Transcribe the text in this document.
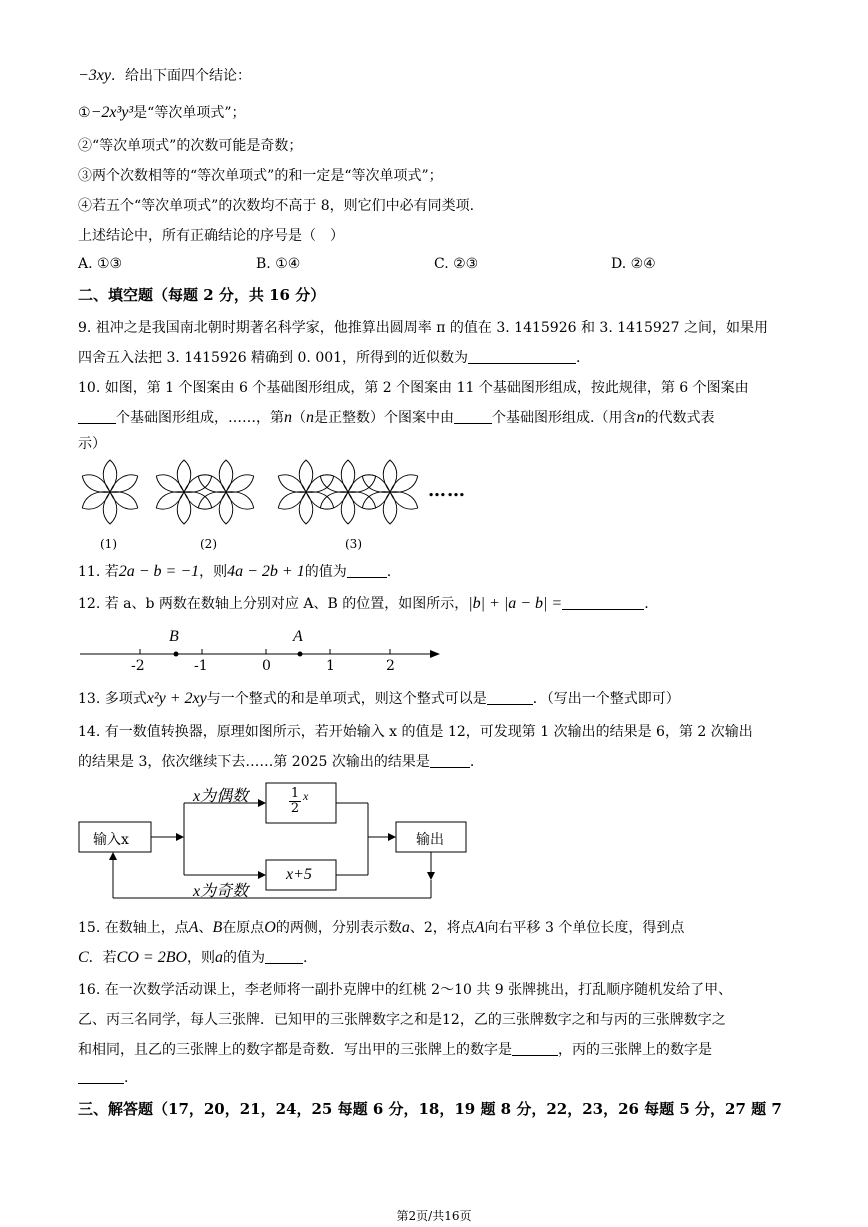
−3xy．给出下面四个结论：
①−2x³y³是“等次单项式”；
②“等次单项式”的次数可能是奇数；
③两个次数相等的“等次单项式”的和一定是“等次单项式”；
④若五个“等次单项式”的次数均不高于 8，则它们中必有同类项.
上述结论中，所有正确结论的序号是（　）
A. ①③	B. ①④	C. ②③	D. ②④
二、填空题（每题 2 分，共 16 分）
9. 祖冲之是我国南北朝时期著名科学家，他推算出圆周率 π 的值在 3. 1415926 和 3. 1415927 之间，如果用
四舍五入法把 3. 1415926 精确到 0. 001，所得到的近似数为	.
10. 如图，第 1 个图案由 6 个基础图形组成，第 2 个图案由 11 个基础图形组成，按此规律，第 6 个图案由
个基础图形组成，……，第n（n是正整数）个图案中由	个基础图形组成.（用含n的代数式表
示）
……
(1)	(2)	(3)
11. 若2a − b = −1，则4a − 2b + 1的值为	.
12. 若 a、b 两数在数轴上分别对应 A、B 的位置，如图所示，|b| + |a − b| =	.
B	A
-2	-1	0	1	2
13. 多项式x²y + 2xy与一个整式的和是单项式，则这个整式可以是	．（写出一个整式即可）
14. 有一数值转换器，原理如图所示，若开始输入 x 的值是 12，可发现第 1 次输出的结果是 6，第 2 次输出
的结果是 3，依次继续下去……第 2025 次输出的结果是	.
输入x
x为偶数
x为奇数
$\frac{1}{2}$ x
x+5
输出
15. 在数轴上，点A、B在原点O的两侧，分别表示数a、2，将点A向右平移 3 个单位长度，得到点
C．若CO = 2BO，则a的值为	.
16. 在一次数学活动课上，李老师将一副扑克牌中的红桃 2～10 共 9 张牌挑出，打乱顺序随机发给了甲、
乙、丙三名同学，每人三张牌．已知甲的三张牌数字之和是12，乙的三张牌数字之和与丙的三张牌数字之
和相同，且乙的三张牌上的数字都是奇数．写出甲的三张牌上的数字是	，丙的三张牌上的数字是
.
三、解答题（17，20，21，24，25 每题 6 分，18，19 题 8 分，22，23，26 每题 5 分，27 题 7
第2页/共16页
